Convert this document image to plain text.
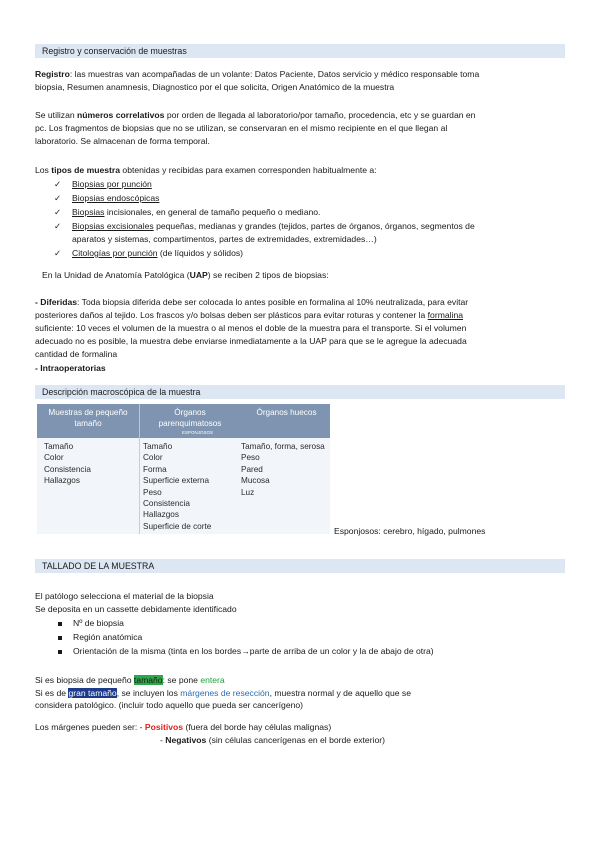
Registro y conservación de muestras
Registro: las muestras van acompañadas de un volante: Datos Paciente, Datos servicio y médico responsable toma
biopsia, Resumen anamnesis, Diagnostico por el que solicita, Origen Anatómico de la muestra
Se utilizan números correlativos por orden de llegada al laboratorio/por tamaño, procedencia, etc y se guardan en
pc. Los fragmentos de biopsias que no se utilizan, se conservaran en el mismo recipiente en el que llegan al
laboratorio. Se almacenan de forma temporal.
Los tipos de muestra obtenidas y recibidas para examen corresponden habitualmente a:
✓ Biopsias por punción
✓ Biopsias endoscópicas
✓ Biopsias incisionales, en general de tamaño pequeño o mediano.
✓ Biopsias excisionales pequeñas, medianas y grandes (tejidos, partes de órganos, órganos, segmentos de
aparatos y sistemas, compartimentos, partes de extremidades, extremidades…)
✓ Citologías por punción (de líquidos y sólidos)
En la Unidad de Anatomía Patológica (UAP) se reciben 2 tipos de biopsias:
- Diferidas: Toda biopsia diferida debe ser colocada lo antes posible en formalina al 10% neutralizada, para evitar
posteriores daños al tejido. Los frascos y/o bolsas deben ser plásticos para evitar roturas y contener la formalina
suficiente: 10 veces el volumen de la muestra o al menos el doble de la muestra para el transporte. Si el volumen
adecuado no es posible, la muestra debe enviarse inmediatamente a la UAP para que se le agregue la adecuada
cantidad de formalina
- Intraoperatorias
Descripción macroscópica de la muestra
Muestras de pequeño tamaño
Órganos parenquimatosos
Órganos huecos
ESPONJOSOS
Tamaño
Color
Consistencia
Hallazgos
Tamaño
Color
Forma
Superficie externa
Peso
Consistencia
Hallazgos
Superficie de corte
Tamaño, forma, serosa
Peso
Pared
Mucosa
Luz
Esponjosos: cerebro, hígado, pulmones
TALLADO DE LA MUESTRA
El patólogo selecciona el material de la biopsia
Se deposita en un cassette debidamente identificado
Nº de biopsia
Región anatómica
Orientación de la misma (tinta en los bordes→parte de arriba de un color y la de abajo de otra)
Si es biopsia de pequeño tamaño: se pone entera
Si es de gran tamaño, se incluyen los márgenes de resección, muestra normal y de aquello que se
considera patológico. (incluir todo aquello que pueda ser cancerígeno)
Los márgenes pueden ser: - Positivos (fuera del borde hay células malignas)
- Negativos (sin células cancerígenas en el borde exterior)
